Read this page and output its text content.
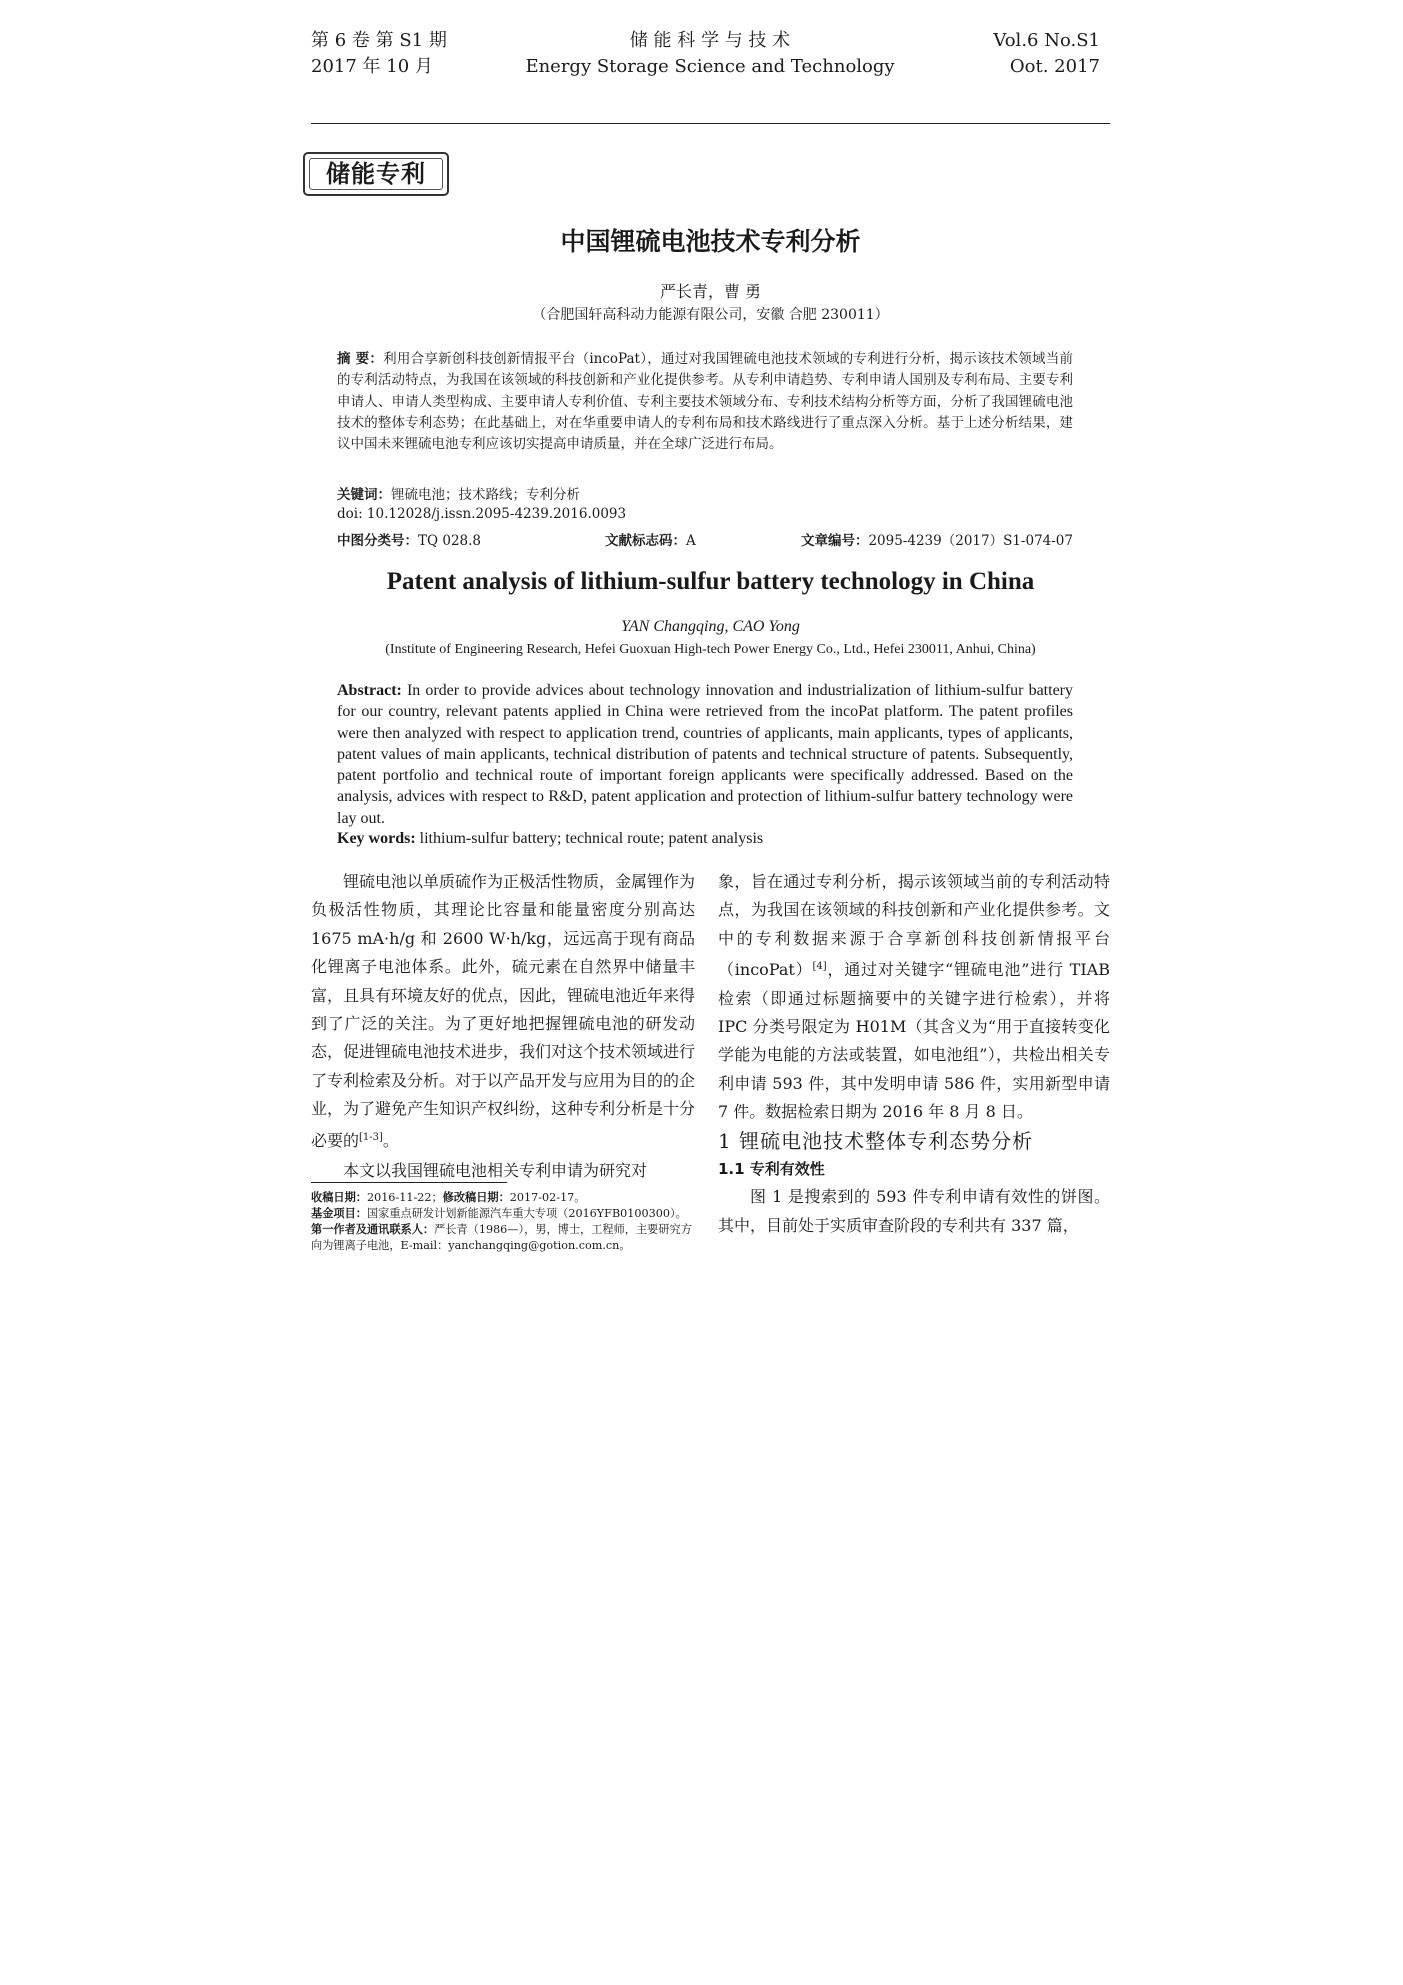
第 6 卷 第 S1 期
2017 年 10 月
储 能 科 学 与 技 术
Energy Storage Science and Technology
Vol.6 No.S1
Oot. 2017
储能专利
中国锂硫电池技术专利分析
严长青，曹 勇
（合肥国轩高科动力能源有限公司，安徽 合肥 230011）
摘 要：利用合享新创科技创新情报平台（incoPat），通过对我国锂硫电池技术领域的专利进行分析，揭示该技术领域当前的专利活动特点，为我国在该领域的科技创新和产业化提供参考。从专利申请趋势、专利申请人国别及专利布局、主要专利申请人、申请人类型构成、主要申请人专利价值、专利主要技术领域分布、专利技术结构分析等方面，分析了我国锂硫电池技术的整体专利态势；在此基础上，对在华重要申请人的专利布局和技术路线进行了重点深入分析。基于上述分析结果，建议中国未来锂硫电池专利应该切实提高申请质量，并在全球广泛进行布局。
关键词：锂硫电池；技术路线；专利分析
doi: 10.12028/j.issn.2095-4239.2016.0093
中图分类号：TQ 028.8	文献标志码：A	文章编号：2095-4239（2017）S1-074-07
Patent analysis of lithium-sulfur battery technology in China
YAN Changqing, CAO Yong
(Institute of Engineering Research, Hefei Guoxuan High-tech Power Energy Co., Ltd., Hefei 230011, Anhui, China)
Abstract: In order to provide advices about technology innovation and industrialization of lithium-sulfur battery for our country, relevant patents applied in China were retrieved from the incoPat platform. The patent profiles were then analyzed with respect to application trend, countries of applicants, main applicants, types of applicants, patent values of main applicants, technical distribution of patents and technical structure of patents. Subsequently, patent portfolio and technical route of important foreign applicants were specifically addressed. Based on the analysis, advices with respect to R&D, patent application and protection of lithium-sulfur battery technology were lay out.
Key words: lithium-sulfur battery; technical route; patent analysis

锂硫电池以单质硫作为正极活性物质，金属锂作为负极活性物质，其理论比容量和能量密度分别高达 1675 mA·h/g 和 2600 W·h/kg，远远高于现有商品化锂离子电池体系。此外，硫元素在自然界中储量丰富，且具有环境友好的优点，因此，锂硫电池近年来得到了广泛的关注。为了更好地把握锂硫电池的研发动态，促进锂硫电池技术进步，我们对这个技术领域进行了专利检索及分析。对于以产品开发与应用为目的的企业，为了避免产生知识产权纠纷，这种专利分析是十分必要的[1-3]。

本文以我国锂硫电池相关专利申请为研究对

象，旨在通过专利分析，揭示该领域当前的专利活动特点，为我国在该领域的科技创新和产业化提供参考。文中的专利数据来源于合享新创科技创新情报平台（incoPat）[4]，通过对关键字“锂硫电池”进行 TIAB 检索（即通过标题摘要中的关键字进行检索），并将 IPC 分类号限定为 H01M（其含义为“用于直接转变化学能为电能的方法或装置，如电池组”），共检出相关专利申请 593 件，其中发明申请 586 件，实用新型申请 7 件。数据检索日期为 2016 年 8 月 8 日。

1 锂硫电池技术整体专利态势分析

1.1 专利有效性

图 1 是搜索到的 593 件专利申请有效性的饼图。其中，目前处于实质审查阶段的专利共有 337 篇，

收稿日期：2016-11-22；修改稿日期：2017-02-17。

基金项目：国家重点研发计划新能源汽车重大专项（2016YFB0100300）。

第一作者及通讯联系人：严长青（1986—），男，博士，工程师，主要研究方向为锂离子电池，E-mail：yanchangqing@gotion.com.cn。
